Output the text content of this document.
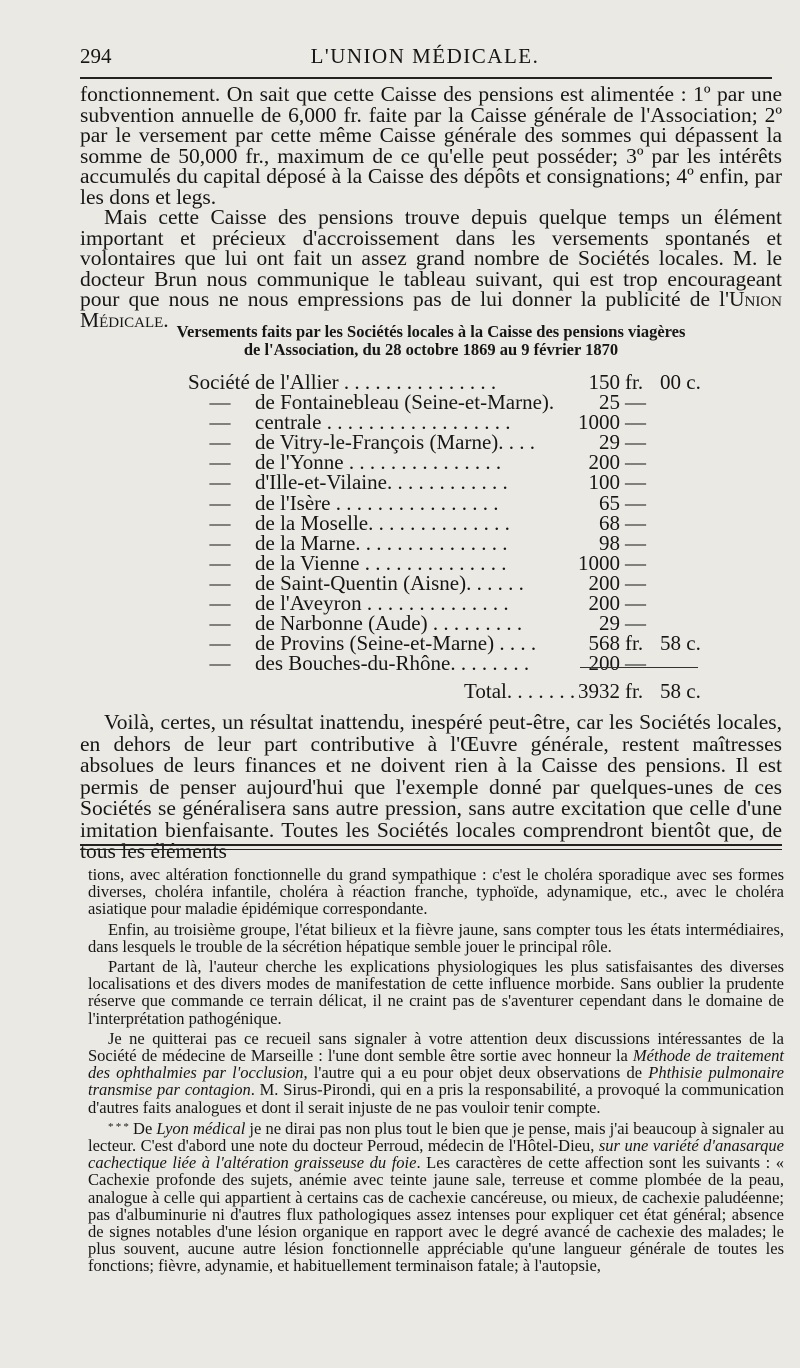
294	L'UNION MÉDICALE.

fonctionnement. On sait que cette Caisse des pensions est alimentée : 1º par une subvention annuelle de 6,000 fr. faite par la Caisse générale de l'Association; 2º par le versement par cette même Caisse générale des sommes qui dépassent la somme de 50,000 fr., maximum de ce qu'elle peut posséder; 3º par les intérêts accumulés du capital déposé à la Caisse des dépôts et consignations; 4º enfin, par les dons et legs.

Mais cette Caisse des pensions trouve depuis quelque temps un élément important et précieux d'accroissement dans les versements spontanés et volontaires que lui ont fait un assez grand nombre de Sociétés locales. M. le docteur Brun nous communique le tableau suivant, qui est trop encourageant pour que nous ne nous empressions pas de lui donner la publicité de l'Union Médicale. Versements faits par les Sociétés locales à la Caisse des pensions viagères
de l'Association, du 28 octobre 1869 au 9 février 1870
Société de l'Allier . . . . . . . . . . . . . . .	150 fr. 00 c.
—	de Fontainebleau (Seine-et-Marne).	25 —
—	centrale . . . . . . . . . . . . . . . . . .	1000 —
—	de Vitry-le-François (Marne). . . .	29 —
—	de l'Yonne . . . . . . . . . . . . . . .	200 —
—	d'Ille-et-Vilaine. . . . . . . . . . . .	100 —
—	de l'Isère . . . . . . . . . . . . . . . .	65 —
—	de la Moselle. . . . . . . . . . . . . .	68 —
—	de la Marne. . . . . . . . . . . . . . .	98 —
—	de la Vienne . . . . . . . . . . . . . .	1000 —
—	de Saint-Quentin (Aisne). . . . . .	200 —
—	de l'Aveyron . . . . . . . . . . . . . .	200 —
—	de Narbonne (Aude) . . . . . . . . .	29 —
—	de Provins (Seine-et-Marne) . . . .	568 fr. 58 c.
—	des Bouches-du-Rhône. . . . . . . .	200 —
Total. . . . . . . 3932 fr. 58 c.

Voilà, certes, un résultat inattendu, inespéré peut-être, car les Sociétés locales, en dehors de leur part contributive à l'Œuvre générale, restent maîtresses absolues de leurs finances et ne doivent rien à la Caisse des pensions. Il est permis de penser aujourd'hui que l'exemple donné par quelques-unes de ces Sociétés se généralisera sans autre pression, sans autre excitation que celle d'une imitation bienfaisante. Toutes les Sociétés locales comprendront bientôt que, de tous les éléments

tions, avec altération fonctionnelle du grand sympathique : c'est le choléra sporadique avec ses formes diverses, choléra infantile, choléra à réaction franche, typhoïde, adynamique, etc., avec le choléra asiatique pour maladie épidémique correspondante.

Enfin, au troisième groupe, l'état bilieux et la fièvre jaune, sans compter tous les états intermédiaires, dans lesquels le trouble de la sécrétion hépatique semble jouer le principal rôle.

Partant de là, l'auteur cherche les explications physiologiques les plus satisfaisantes des diverses localisations et des divers modes de manifestation de cette influence morbide. Sans oublier la prudente réserve que commande ce terrain délicat, il ne craint pas de s'aventurer cependant dans le domaine de l'interprétation pathogénique.

Je ne quitterai pas ce recueil sans signaler à votre attention deux discussions intéressantes de la Société de médecine de Marseille : l'une dont semble être sortie avec honneur la Méthode de traitement des ophthalmies par l'occlusion, l'autre qui a eu pour objet deux observations de Phthisie pulmonaire transmise par contagion. M. Sirus-Pirondi, qui en a pris la responsabilité, a provoqué la communication d'autres faits analogues et dont il serait injuste de ne pas vouloir tenir compte.

* * * De Lyon médical je ne dirai pas non plus tout le bien que je pense, mais j'ai beaucoup à signaler au lecteur. C'est d'abord une note du docteur Perroud, médecin de l'Hôtel-Dieu, sur une variété d'anasarque cachectique liée à l'altération graisseuse du foie. Les caractères de cette affection sont les suivants : « Cachexie profonde des sujets, anémie avec teinte jaune sale, terreuse et comme plombée de la peau, analogue à celle qui appartient à certains cas de cachexie cancéreuse, ou mieux, de cachexie paludéenne; pas d'albuminurie ni d'autres flux pathologiques assez intenses pour expliquer cet état général; absence de signes notables d'une lésion organique en rapport avec le degré avancé de cachexie des malades; le plus souvent, aucune autre lésion fonctionnelle appréciable qu'une langueur générale de toutes les fonctions; fièvre, adynamie, et habituellement terminaison fatale; à l'autopsie,
